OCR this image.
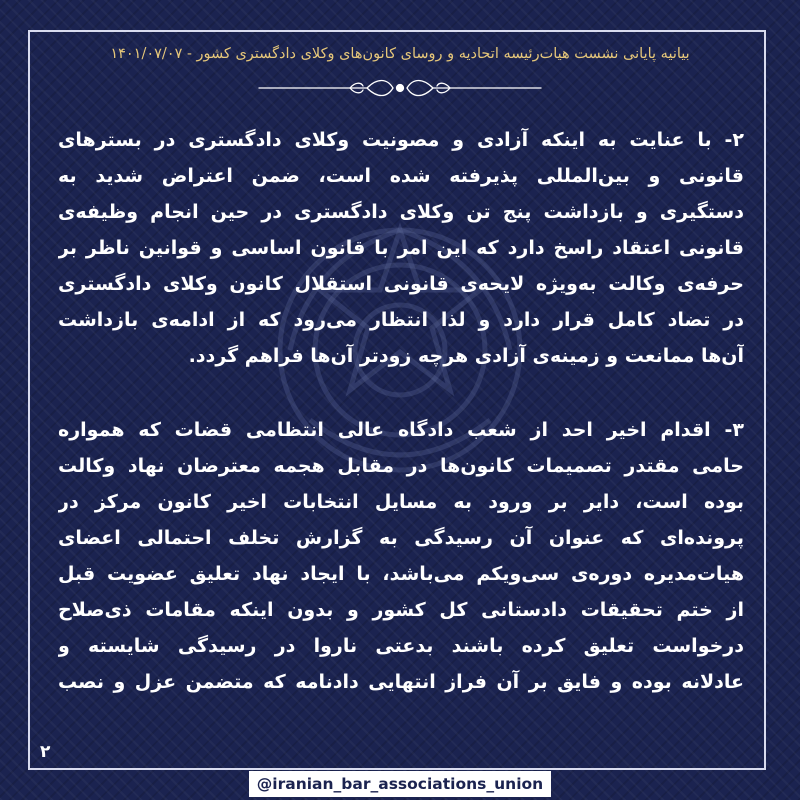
بیانیه پایانی نشست هیات‌رئیسه اتحادیه و روسای کانون‌های وکلای دادگستری کشور - ۱۴۰۱/۰۷/۰۷
۲- با عنایت به اینکه آزادی و مصونیت وکلای دادگستری در بسترهای
قانونی و بین‌المللی پذیرفته شده است، ضمن اعتراض شدید به
دستگیری و بازداشت پنج تن وکلای دادگستری در حین انجام وظیفه‌ی
قانونی اعتقاد راسخ دارد که این امر با قانون اساسی و قوانین ناظر بر
حرفه‌ی وکالت به‌ویژه لایحه‌ی قانونی استقلال کانون وکلای دادگستری
در تضاد کامل قرار دارد و لذا انتظار می‌رود که از ادامه‌ی بازداشت
آن‌ها ممانعت و زمینه‌ی آزادی هرچه زودتر آن‌ها فراهم گردد.
۳- اقدام اخیر احد از شعب دادگاه عالی انتظامی قضات که همواره
حامی مقتدر تصمیمات کانون‌ها در مقابل هجمه معترضان نهاد وکالت
بوده است، دایر بر ورود به مسایل انتخابات اخیر کانون مرکز در
پرونده‌ای که عنوان آن رسیدگی به گزارش تخلف احتمالی اعضای
هیات‌مدیره دوره‌ی سی‌ویکم می‌باشد، با ایجاد نهاد تعلیق عضویت قبل
از ختم تحقیقات دادستانی کل کشور و بدون اینکه مقامات ذی‌صلاح
درخواست تعلیق کرده باشند بدعتی ناروا در رسیدگی شایسته و
عادلانه بوده و فایق بر آن فراز انتهایی دادنامه که متضمن عزل و نصب
۲
@iranian_bar_associations_union
